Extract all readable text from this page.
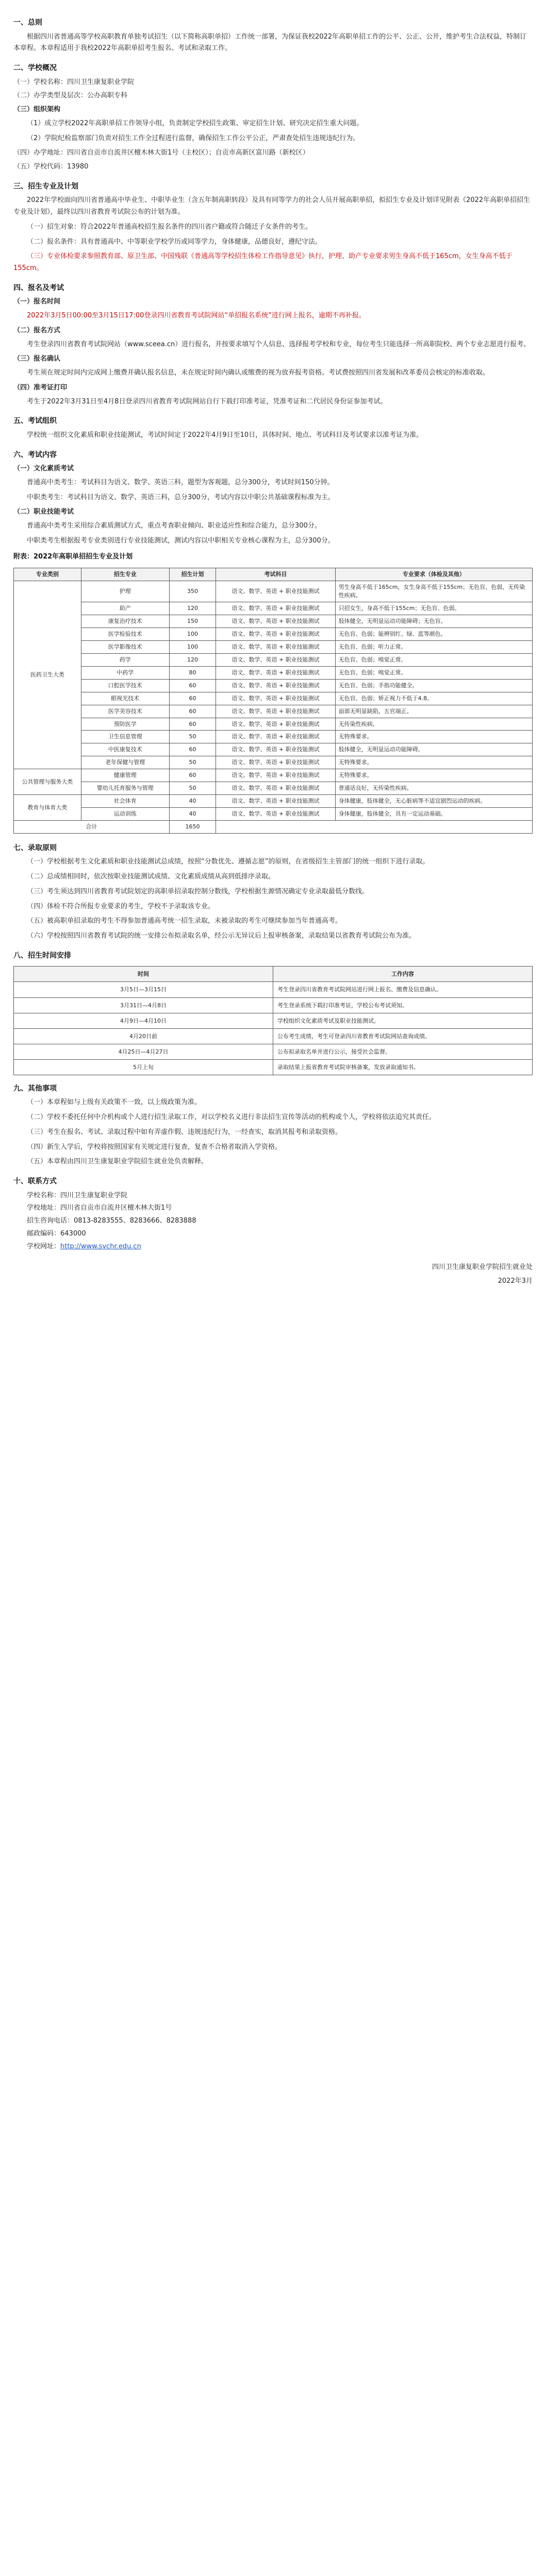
一、总则

根据四川省普通高等学校高职教育单独考试招生（以下简称高职单招）工作统一部署，为保证我校2022年高职单招工作的公平、公正、公开，维护考生合法权益，特制订本章程。本章程适用于我校2022年高职单招考生报名、考试和录取工作。

二、学校概况

（一）学校名称：四川卫生康复职业学院

（二）办学类型及层次：公办高职专科

（三）组织架构

（1）成立学校2022年高职单招工作领导小组，负责制定学校招生政策、审定招生计划、研究决定招生重大问题。

（2）学院纪检监察部门负责对招生工作全过程进行监督，确保招生工作公平公正，严肃查处招生违规违纪行为。

（四）办学地址：四川省自贡市自流井区檀木林大街1号（主校区）；自贡市高新区富川路（新校区）

（五）学校代码：13980

三、招生专业及计划

2022年学校面向四川省普通高中毕业生、中职毕业生（含五年制高职转段）及具有同等学力的社会人员开展高职单招，拟招生专业及计划详见附表《2022年高职单招招生专业及计划》，最终以四川省教育考试院公布的计划为准。

（一）招生对象：符合2022年普通高校招生报名条件的四川省户籍或符合随迁子女条件的考生。

（二）报名条件：具有普通高中、中等职业学校学历或同等学力，身体健康，品德良好，遵纪守法。

（三）专业体检要求参照教育部、原卫生部、中国残联《普通高等学校招生体检工作指导意见》执行，护理、助产专业要求男生身高不低于165cm，女生身高不低于155cm。

四、报名及考试

（一）报名时间

2022年3月5日00:00至3月15日17:00登录四川省教育考试院网站“单招报名系统”进行网上报名，逾期不再补报。

（二）报名方式

考生登录四川省教育考试院网站（www.sceea.cn）进行报名，并按要求填写个人信息、选择报考学校和专业，每位考生只能选择一所高职院校、两个专业志愿进行报考。

（三）报名确认

考生须在规定时间内完成网上缴费并确认报名信息，未在规定时间内确认或缴费的视为放弃报考资格。考试费按照四川省发展和改革委员会核定的标准收取。

（四）准考证打印

考生于2022年3月31日至4月8日登录四川省教育考试院网站自行下载打印准考证，凭准考证和二代居民身份证参加考试。

五、考试组织

学校统一组织文化素质和职业技能测试，考试时间定于2022年4月9日至10日，具体时间、地点、考试科目及考试要求以准考证为准。

六、考试内容

（一）文化素质考试

普通高中类考生：考试科目为语文、数学、英语三科，题型为客观题，总分300分，考试时间150分钟。

中职类考生：考试科目为语文、数学、英语三科，总分300分，考试内容以中职公共基础课程标准为主。

（二）职业技能考试

普通高中类考生采用综合素质测试方式，重点考查职业倾向、职业适应性和综合能力，总分300分。

中职类考生根据报考专业类别进行专业技能测试，测试内容以中职相关专业核心课程为主，总分300分。

附表：2022年高职单招招生专业及计划
专业类别	招生专业	招生计划	考试科目	专业要求（体检及其他）
医药卫生大类	护理	350	语文、数学、英语 + 职业技能测试	男生身高不低于165cm，女生身高不低于155cm；无色盲、色弱，无传染性疾病。
	助产	120	语文、数学、英语 + 职业技能测试	只招女生，身高不低于155cm；无色盲、色弱。
	康复治疗技术	150	语文、数学、英语 + 职业技能测试	肢体健全，无明显运动功能障碍；无色盲。
	医学检验技术	100	语文、数学、英语 + 职业技能测试	无色盲、色弱；能辨别红、绿、蓝等颜色。
	医学影像技术	100	语文、数学、英语 + 职业技能测试	无色盲、色弱；听力正常。
	药学	120	语文、数学、英语 + 职业技能测试	无色盲、色弱；嗅觉正常。
	中药学	80	语文、数学、英语 + 职业技能测试	无色盲、色弱；嗅觉正常。
	口腔医学技术	60	语文、数学、英语 + 职业技能测试	无色盲、色弱；手指功能健全。
	眼视光技术	60	语文、数学、英语 + 职业技能测试	无色盲、色弱；矫正视力不低于4.8。
	医学美容技术	60	语文、数学、英语 + 职业技能测试	面部无明显缺陷，五官端正。
	预防医学	60	语文、数学、英语 + 职业技能测试	无传染性疾病。
	卫生信息管理	50	语文、数学、英语 + 职业技能测试	无特殊要求。
	中医康复技术	60	语文、数学、英语 + 职业技能测试	肢体健全，无明显运动功能障碍。
	老年保健与管理	50	语文、数学、英语 + 职业技能测试	无特殊要求。
公共管理与服务大类	健康管理	60	语文、数学、英语 + 职业技能测试	无特殊要求。
	婴幼儿托育服务与管理	50	语文、数学、英语 + 职业技能测试	普通话良好，无传染性疾病。
教育与体育大类	社会体育	40	语文、数学、英语 + 职业技能测试	身体健康，肢体健全，无心脏病等不适宜剧烈运动的疾病。
	运动训练	40	语文、数学、英语 + 职业技能测试	身体健康，肢体健全，具有一定运动基础。
合计		1650		
七、录取原则

（一）学校根据考生文化素质和职业技能测试总成绩，按照“分数优先、遵循志愿”的原则，在省级招生主管部门的统一组织下进行录取。

（二）总成绩相同时，依次按职业技能测试成绩、文化素质成绩从高到低排序录取。

（三）考生须达到四川省教育考试院划定的高职单招录取控制分数线，学校根据生源情况确定专业录取最低分数线。

（四）体检不符合所报专业要求的考生，学校不予录取该专业。

（五）被高职单招录取的考生不得参加普通高考统一招生录取，未被录取的考生可继续参加当年普通高考。

（六）学校按照四川省教育考试院的统一安排公布拟录取名单，经公示无异议后上报审核备案，录取结果以省教育考试院公布为准。

八、招生时间安排
时间	工作内容
3月5日—3月15日	考生登录四川省教育考试院网站进行网上报名、缴费及信息确认。
3月31日—4月8日	考生登录系统下载打印准考证，学校公布考试须知。
4月9日—4月10日	学校组织文化素质考试及职业技能测试。
4月20日前	公布考生成绩，考生可登录四川省教育考试院网站查询成绩。
4月25日—4月27日	公布拟录取名单并进行公示，接受社会监督。
5月上旬	录取结果上报省教育考试院审核备案，发放录取通知书。
九、其他事项

（一）本章程如与上级有关政策不一致，以上级政策为准。

（二）学校不委托任何中介机构或个人进行招生录取工作，对以学校名义进行非法招生宣传等活动的机构或个人，学校将依法追究其责任。

（三）考生在报名、考试、录取过程中如有弄虚作假、违规违纪行为，一经查实，取消其报考和录取资格。

（四）新生入学后，学校将按照国家有关规定进行复查，复查不合格者取消入学资格。

（五）本章程由四川卫生康复职业学院招生就业处负责解释。

十、联系方式

学校名称：四川卫生康复职业学院

学校地址：四川省自贡市自流井区檀木林大街1号

招生咨询电话：0813-8283555、8283666、8283888

邮政编码：643000

学校网址：http://www.svchr.edu.cn

四川卫生康复职业学院招生就业处

2022年3月
